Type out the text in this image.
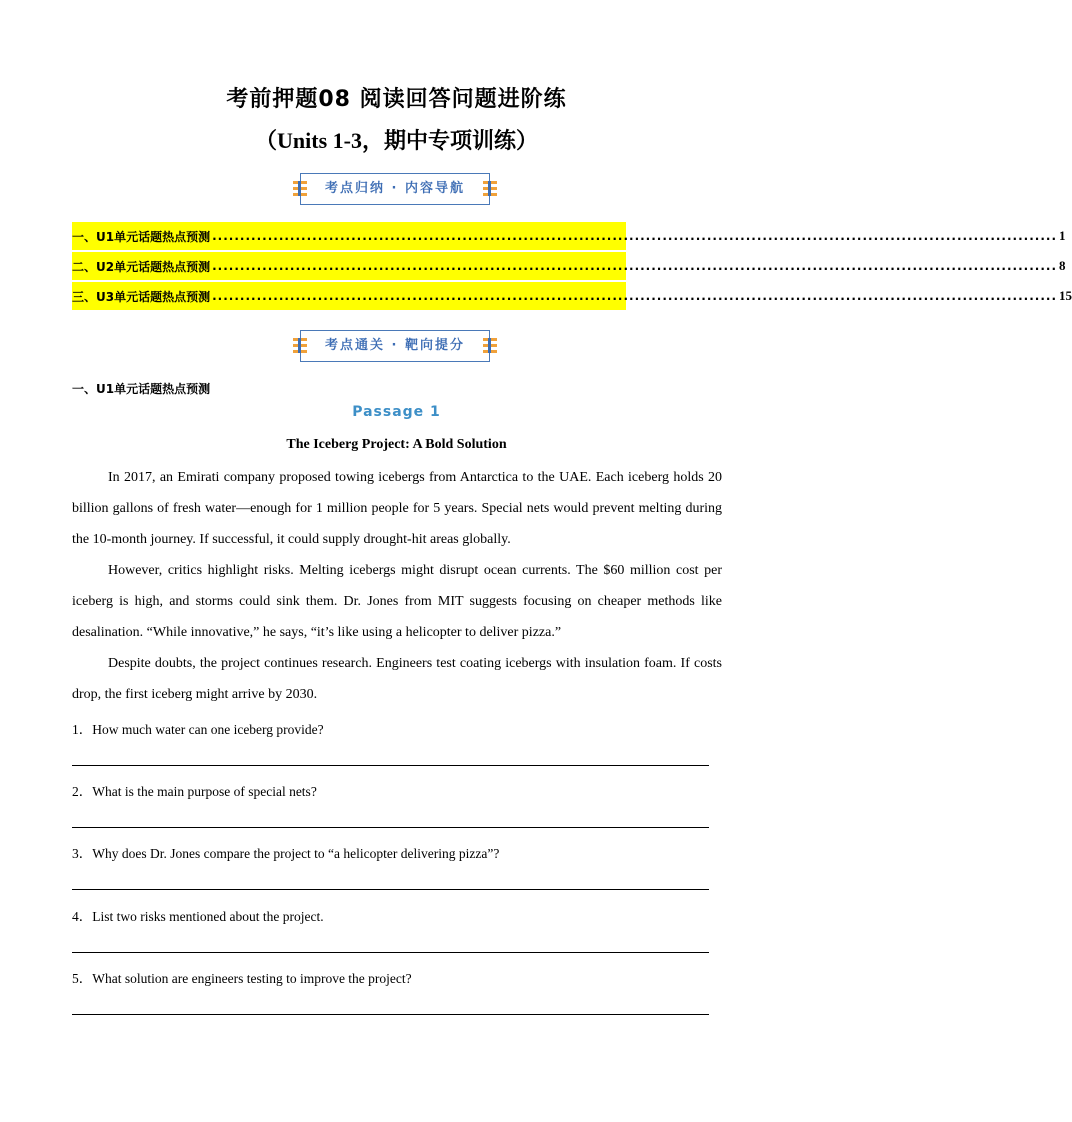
考前押题08 阅读回答问题进阶练
（Units 1-3，期中专项训练）
考点归纳 · 内容导航
一、U1单元话题热点预测 ........................................................................................................................................................ 1
二、U2单元话题热点预测 ........................................................................................................................................................ 8
三、U3单元话题热点预测 ........................................................................................................................................................ 15
考点通关 · 靶向提分
一、U1单元话题热点预测
Passage 1
The Iceberg Project: A Bold Solution

In 2017, an Emirati company proposed towing icebergs from Antarctica to the UAE. Each iceberg holds 20 billion gallons of fresh water—enough for 1 million people for 5 years. Special nets would prevent melting during the 10-month journey. If successful, it could supply drought-hit areas globally.

However, critics highlight risks. Melting icebergs might disrupt ocean currents. The $60 million cost per iceberg is high, and storms could sink them. Dr. Jones from MIT suggests focusing on cheaper methods like desalination. “While innovative,” he says, “it’s like using a helicopter to deliver pizza.”

Despite doubts, the project continues research. Engineers test coating icebergs with insulation foam. If costs drop, the first iceberg might arrive by 2030.

1．How much water can one iceberg provide?
2．What is the main purpose of special nets?
3．Why does Dr. Jones compare the project to “a helicopter delivering pizza”?
4．List two risks mentioned about the project.
5．What solution are engineers testing to improve the project?
